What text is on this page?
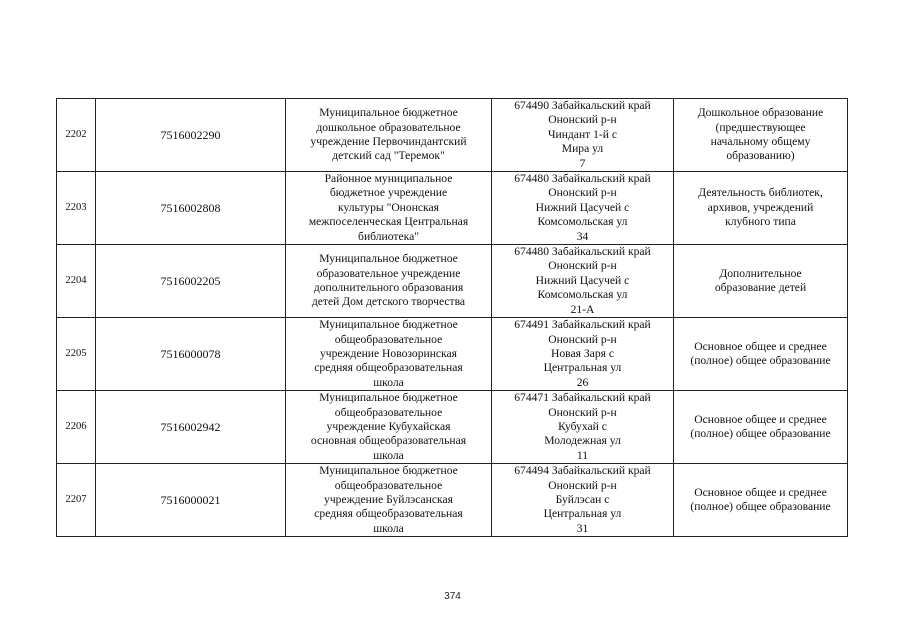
2202	7516002290	Муниципальное бюджетное
дошкольное образовательное
учреждение Первочиндантский
детский сад "Теремок"	674490 Забайкальский край
Ононский р-н
Чиндант 1-й с
Мира ул
7	Дошкольное образование
(предшествующее
начальному общему
образованию)
2203	7516002808	Районное муниципальное
бюджетное учреждение
культуры "Ононская
межпоселенческая Центральная
библиотека"	674480 Забайкальский край
Ононский р-н
Нижний Цасучей с
Комсомольская ул
34	Деятельность библиотек,
архивов, учреждений
клубного типа
2204	7516002205	Муниципальное бюджетное
образовательное учреждение
дополнительного образования
детей Дом детского творчества	674480 Забайкальский край
Ононский р-н
Нижний Цасучей с
Комсомольская ул
21-А	Дополнительное
образование детей
2205	7516000078	Муниципальное бюджетное
общеобразовательное
учреждение Новозоринская
средняя общеобразовательная
школа	674491 Забайкальский край
Ононский р-н
Новая Заря с
Центральная ул
26	Основное общее и среднее
(полное) общее образование
2206	7516002942	Муниципальное бюджетное
общеобразовательное
учреждение Кубухайская
основная общеобразовательная
школа	674471 Забайкальский край
Ононский р-н
Кубухай с
Молодежная ул
11	Основное общее и среднее
(полное) общее образование
2207	7516000021	Муниципальное бюджетное
общеобразовательное
учреждение Буйлэсанская
средняя общеобразовательная
школа	674494 Забайкальский край
Ононский р-н
Буйлэсан с
Центральная ул
31	Основное общее и среднее
(полное) общее образование
374
